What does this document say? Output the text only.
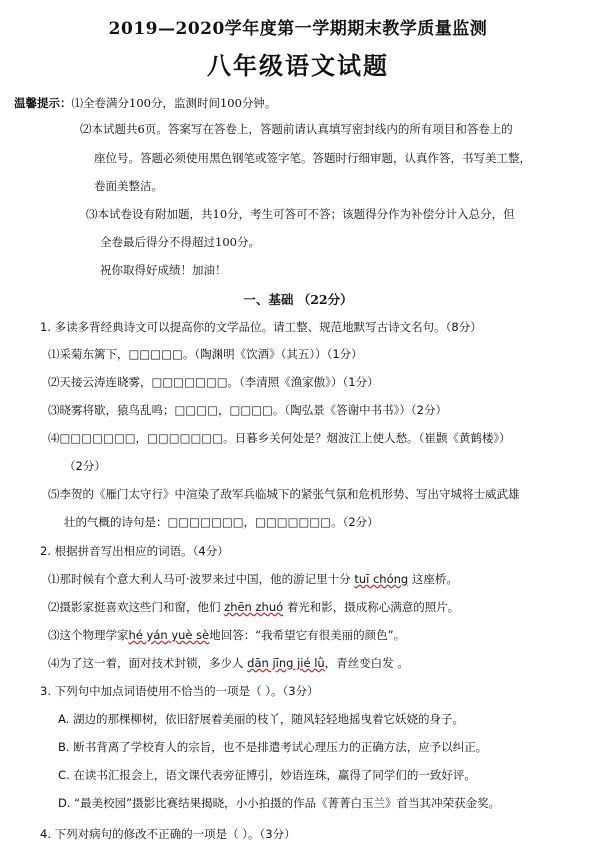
2019—2020学年度第一学期期末教学质量监测
八年级语文试题
温馨提示：⑴全卷满分100分，监测时间100分钟。
⑵本试题共6页。答案写在答卷上，答题前请认真填写密封线内的所有项目和答卷上的
座位号。答题必须使用黑色钢笔或签字笔。答题时行细审题，认真作答，书写美工整，
卷面美整洁。
⑶本试卷设有附加题，共10分，考生可答可不答；该题得分作为补偿分计入总分，但
全卷最后得分不得超过100分。
祝你取得好成绩！加油！
一、基础 （22分）
1. 多读多背经典诗文可以提高你的文学品位。请工整、规范地默写古诗文名句。（8分）
⑴采菊东篱下，□□□□□。（陶渊明《饮酒》（其五））（1分）
⑵天接云涛连晓雾，□□□□□□□。（李清照《渔家傲》）（1分）
⑶晓雾将歇，猿鸟乱鸣；□□□□，□□□□。（陶弘景《答谢中书书》）（2分）
⑷□□□□□□□，□□□□□□□。日暮乡关何处是？烟波江上使人愁。（崔颢《黄鹤楼》）
（2分）
⑸李贺的《雁门太守行》中渲染了敌军兵临城下的紧张气氛和危机形势、写出守城将士威武雄
壮的气概的诗句是：□□□□□□□，□□□□□□□。（2分）
2. 根据拼音写出相应的词语。（4分）
⑴那时候有个意大利人马可·波罗来过中国，他的游记里十分 tuī chóng 这座桥。
⑵摄影家挺喜欢这些门和窗，他们 zhēn zhuó 着光和影，摄成称心满意的照片。
⑶这个物理学家hé yán yuè sè地回答：“我希望它有很美丽的颜色”。
⑷为了这一着，面对技术封锁，多少人 dān jīng jié lǜ，青丝变白发 。
3. 下列句中加点词语使用不恰当的一项是（ ）。（3分）
A. 湖边的那棵柳树，依旧舒展着美丽的枝丫，随风轻轻地摇曳着它妖娆的身子。
B. 断书背离了学校育人的宗旨，也不是排遣考试心理压力的正确方法，应予以纠正。
C. 在读书汇报会上，语文课代表旁征博引，妙语连珠，赢得了同学们的一致好评。
D. “最美校园”摄影比赛结果揭晓，小小拍摄的作品《菁菁白玉兰》首当其冲荣获金奖。
4. 下列对病句的修改不正确的一项是（ ）。（3分）
